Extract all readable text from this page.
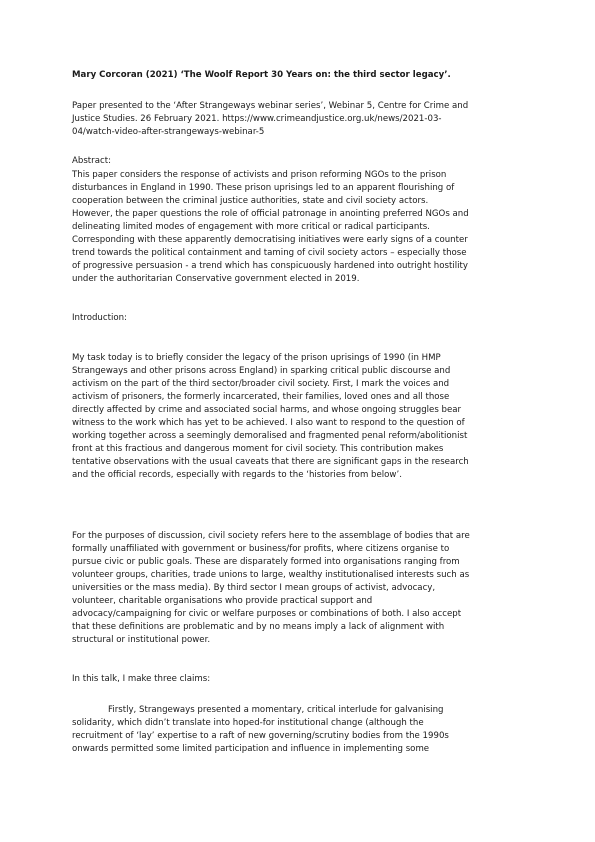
Mary Corcoran (2021) ‘The Woolf Report 30 Years on: the third sector legacy’.
Paper presented to the ‘After Strangeways webinar series’, Webinar 5, Centre for Crime and
Justice Studies. 26 February 2021. https://www.crimeandjustice.org.uk/news/2021-03-
04/watch-video-after-strangeways-webinar-5
Abstract:
This paper considers the response of activists and prison reforming NGOs to the prison
disturbances in England in 1990. These prison uprisings led to an apparent flourishing of
cooperation between the criminal justice authorities, state and civil society actors.
However, the paper questions the role of official patronage in anointing preferred NGOs and
delineating limited modes of engagement with more critical or radical participants.
Corresponding with these apparently democratising initiatives were early signs of a counter
trend towards the political containment and taming of civil society actors – especially those
of progressive persuasion - a trend which has conspicuously hardened into outright hostility
under the authoritarian Conservative government elected in 2019.
Introduction:
My task today is to briefly consider the legacy of the prison uprisings of 1990 (in HMP
Strangeways and other prisons across England) in sparking critical public discourse and
activism on the part of the third sector/broader civil society. First, I mark the voices and
activism of prisoners, the formerly incarcerated, their families, loved ones and all those
directly affected by crime and associated social harms, and whose ongoing struggles bear
witness to the work which has yet to be achieved. I also want to respond to the question of
working together across a seemingly demoralised and fragmented penal reform/abolitionist
front at this fractious and dangerous moment for civil society. This contribution makes
tentative observations with the usual caveats that there are significant gaps in the research
and the official records, especially with regards to the ‘histories from below’.
For the purposes of discussion, civil society refers here to the assemblage of bodies that are
formally unaffiliated with government or business/for profits, where citizens organise to
pursue civic or public goals. These are disparately formed into organisations ranging from
volunteer groups, charities, trade unions to large, wealthy institutionalised interests such as
universities or the mass media). By third sector I mean groups of activist, advocacy,
volunteer, charitable organisations who provide practical support and
advocacy/campaigning for civic or welfare purposes or combinations of both. I also accept
that these definitions are problematic and by no means imply a lack of alignment with
structural or institutional power.
In this talk, I make three claims:
Firstly, Strangeways presented a momentary, critical interlude for galvanising
solidarity, which didn’t translate into hoped-for institutional change (although the
recruitment of ‘lay’ expertise to a raft of new governing/scrutiny bodies from the 1990s
onwards permitted some limited participation and influence in implementing some
